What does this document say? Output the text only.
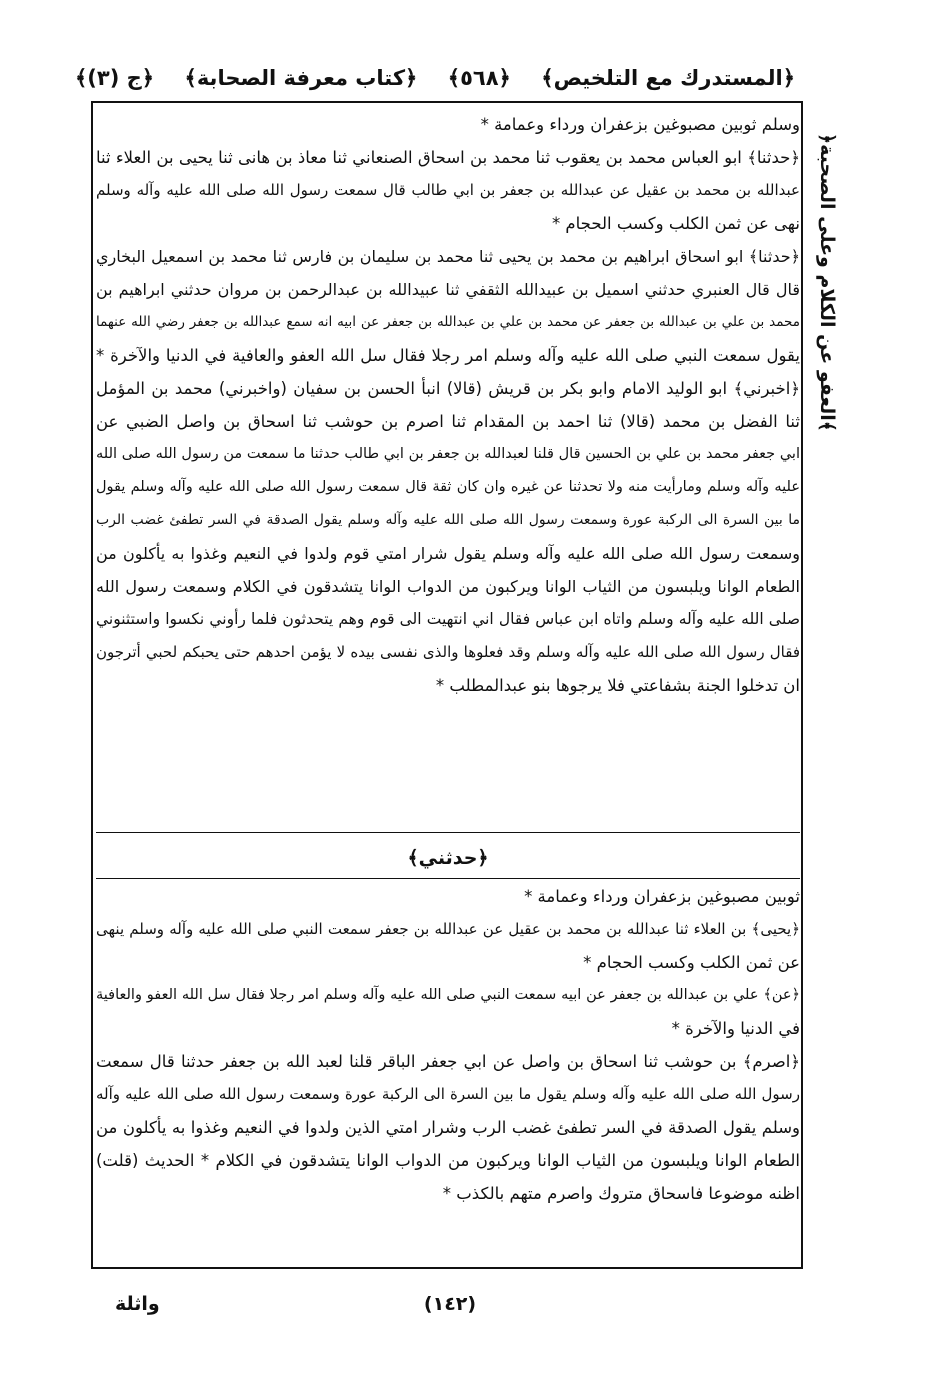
﴿المستدرك مع التلخيص﴾
﴿٥٦٨﴾
﴿كتاب معرفة الصحابة﴾
﴿ج (٣)﴾
﴿العفو عن الكلام وعلى الصحبة﴾
وسلم ثوبين مصبوغين بزعفران ورداء وعمامة *
﴿حدثنا﴾ ابو العباس محمد بن يعقوب ثنا محمد بن اسحاق الصنعاني ثنا معاذ بن هانى ثنا يحيى بن العلاء ثنا
عبدالله بن محمد بن عقيل عن عبدالله بن جعفر بن ابي طالب قال سمعت رسول الله صلى الله عليه وآله وسلم
نهى عن ثمن الكلب وكسب الحجام *
﴿حدثنا﴾ ابو اسحاق ابراهيم بن محمد بن يحيى ثنا محمد بن سليمان بن فارس ثنا محمد بن اسمعيل البخاري
قال قال العنبري حدثني اسميل بن عبيدالله الثقفي ثنا عبيدالله بن عبدالرحمن بن مروان حدثني ابراهيم بن
محمد بن علي بن عبدالله بن جعفر عن محمد بن علي بن عبدالله بن جعفر عن ابيه انه سمع عبدالله بن جعفر رضي الله عنهما
يقول سمعت النبي صلى الله عليه وآله وسلم امر رجلا فقال سل الله العفو والعافية في الدنيا والآخرة *
﴿اخبرني﴾ ابو الوليد الامام وابو بكر بن قريش (قالا) انبأ الحسن بن سفيان (واخبرني) محمد بن المؤمل
ثنا الفضل بن محمد (قالا) ثنا احمد بن المقدام ثنا اصرم بن حوشب ثنا اسحاق بن واصل الضبي عن
ابي جعفر محمد بن علي بن الحسين قال قلنا لعبدالله بن جعفر بن ابي طالب حدثنا ما سمعت من رسول الله صلى الله
عليه وآله وسلم ومارأيت منه ولا تحدثنا عن غيره وان كان ثقة قال سمعت رسول الله صلى الله عليه وآله وسلم يقول
ما بين السرة الى الركبة عورة وسمعت رسول الله صلى الله عليه وآله وسلم يقول الصدقة في السر تطفئ غضب الرب
وسمعت رسول الله صلى الله عليه وآله وسلم يقول شرار امتي قوم ولدوا في النعيم وغذوا به يأكلون من
الطعام الوانا ويلبسون من الثياب الوانا ويركبون من الدواب الوانا يتشدقون في الكلام وسمعت رسول الله
صلى الله عليه وآله وسلم واتاه ابن عباس فقال اني انتهيت الى قوم وهم يتحدثون فلما رأوني نكسوا واستثنوني
فقال رسول الله صلى الله عليه وآله وسلم وقد فعلوها والذى نفسى بيده لا يؤمن احدهم حتى يحبكم لحبي أترجون
ان تدخلوا الجنة بشفاعتي فلا يرجوها بنو عبدالمطلب *
﴿حدثني﴾
ثوبين مصبوغين بزعفران ورداء وعمامة *
﴿يحيى﴾ بن العلاء ثنا عبدالله بن محمد بن عقيل عن عبدالله بن جعفر سمعت النبي صلى الله عليه وآله وسلم ينهى
عن ثمن الكلب وكسب الحجام *
﴿عن﴾ علي بن عبدالله بن جعفر عن ابيه سمعت النبي صلى الله عليه وآله وسلم امر رجلا فقال سل الله العفو والعافية
في الدنيا والآخرة *
﴿اصرم﴾ بن حوشب ثنا اسحاق بن واصل عن ابي جعفر الباقر قلنا لعبد الله بن جعفر حدثنا قال سمعت
رسول الله صلى الله عليه وآله وسلم يقول ما بين السرة الى الركبة عورة وسمعت رسول الله صلى الله عليه وآله
وسلم يقول الصدقة في السر تطفئ غضب الرب وشرار امتي الذين ولدوا في النعيم وغذوا به يأكلون من
الطعام الوانا ويلبسون من الثياب الوانا ويركبون من الدواب الوانا يتشدقون في الكلام * الحديث (قلت)
اظنه موضوعا فاسحاق متروك واصرم متهم بالكذب *
(١٤٢)
واثلة
